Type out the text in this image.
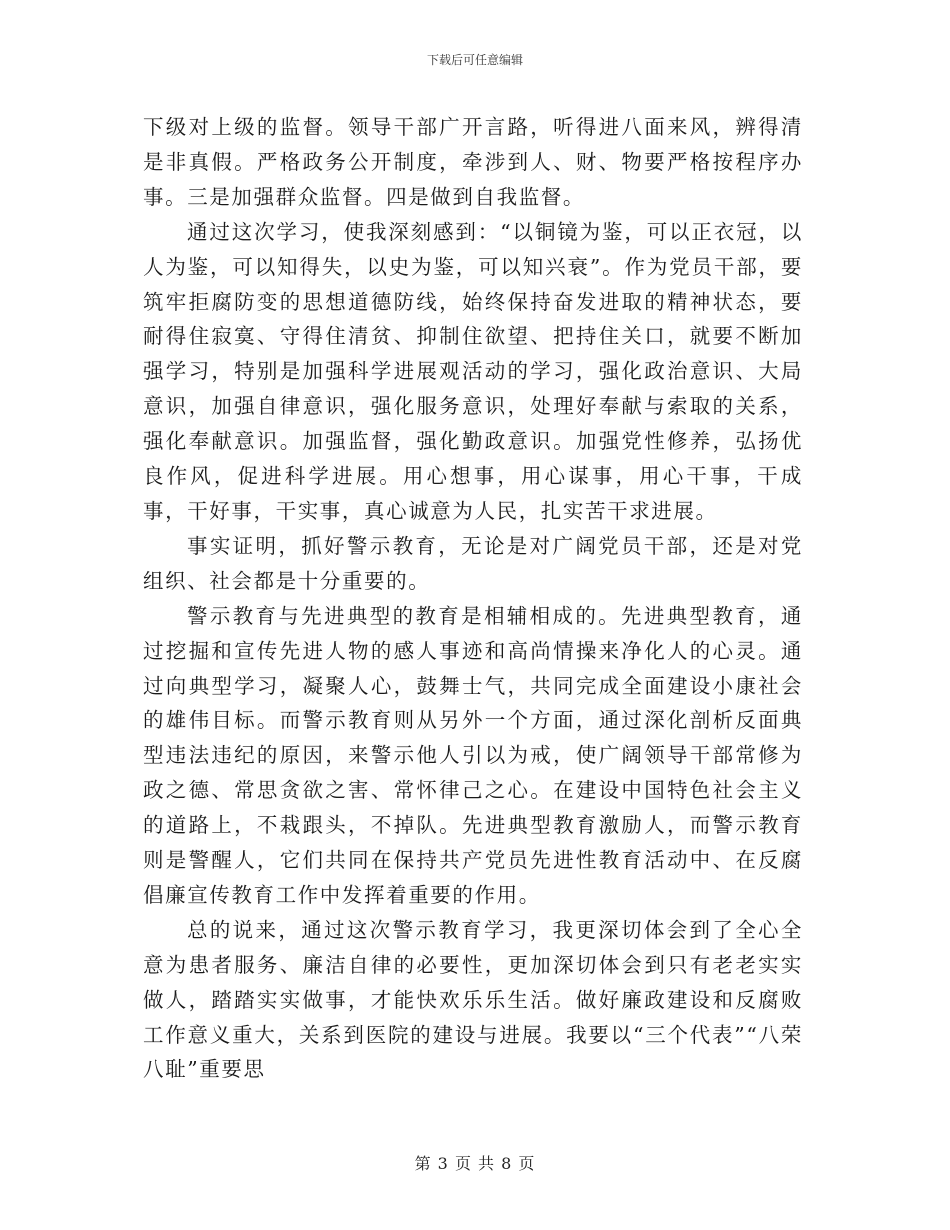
下载后可任意编辑

下级对上级的监督。领导干部广开言路，听得进八面来风，辨得清是非真假。严格政务公开制度，牵涉到人、财、物要严格按程序办事。三是加强群众监督。四是做到自我监督。

通过这次学习，使我深刻感到：“以铜镜为鉴，可以正衣冠，以人为鉴，可以知得失，以史为鉴，可以知兴衰”。作为党员干部，要筑牢拒腐防变的思想道德防线，始终保持奋发进取的精神状态，要耐得住寂寞、守得住清贫、抑制住欲望、把持住关口，就要不断加强学习，特别是加强科学进展观活动的学习，强化政治意识、大局意识，加强自律意识，强化服务意识，处理好奉献与索取的关系，强化奉献意识。加强监督，强化勤政意识。加强党性修养，弘扬优良作风，促进科学进展。用心想事，用心谋事，用心干事，干成事，干好事，干实事，真心诚意为人民，扎实苦干求进展。

事实证明，抓好警示教育，无论是对广阔党员干部，还是对党组织、社会都是十分重要的。

警示教育与先进典型的教育是相辅相成的。先进典型教育，通过挖掘和宣传先进人物的感人事迹和高尚情操来净化人的心灵。通过向典型学习，凝聚人心，鼓舞士气，共同完成全面建设小康社会的雄伟目标。而警示教育则从另外一个方面，通过深化剖析反面典型违法违纪的原因，来警示他人引以为戒，使广阔领导干部常修为政之德、常思贪欲之害、常怀律己之心。在建设中国特色社会主义的道路上，不栽跟头，不掉队。先进典型教育激励人，而警示教育则是警醒人，它们共同在保持共产党员先进性教育活动中、在反腐倡廉宣传教育工作中发挥着重要的作用。

总的说来，通过这次警示教育学习，我更深切体会到了全心全意为患者服务、廉洁自律的必要性，更加深切体会到只有老老实实做人，踏踏实实做事，才能快欢乐乐生活。做好廉政建设和反腐败工作意义重大，关系到医院的建设与进展。我要以“三个代表”“八荣八耻”重要思

第 3 页 共 8 页
